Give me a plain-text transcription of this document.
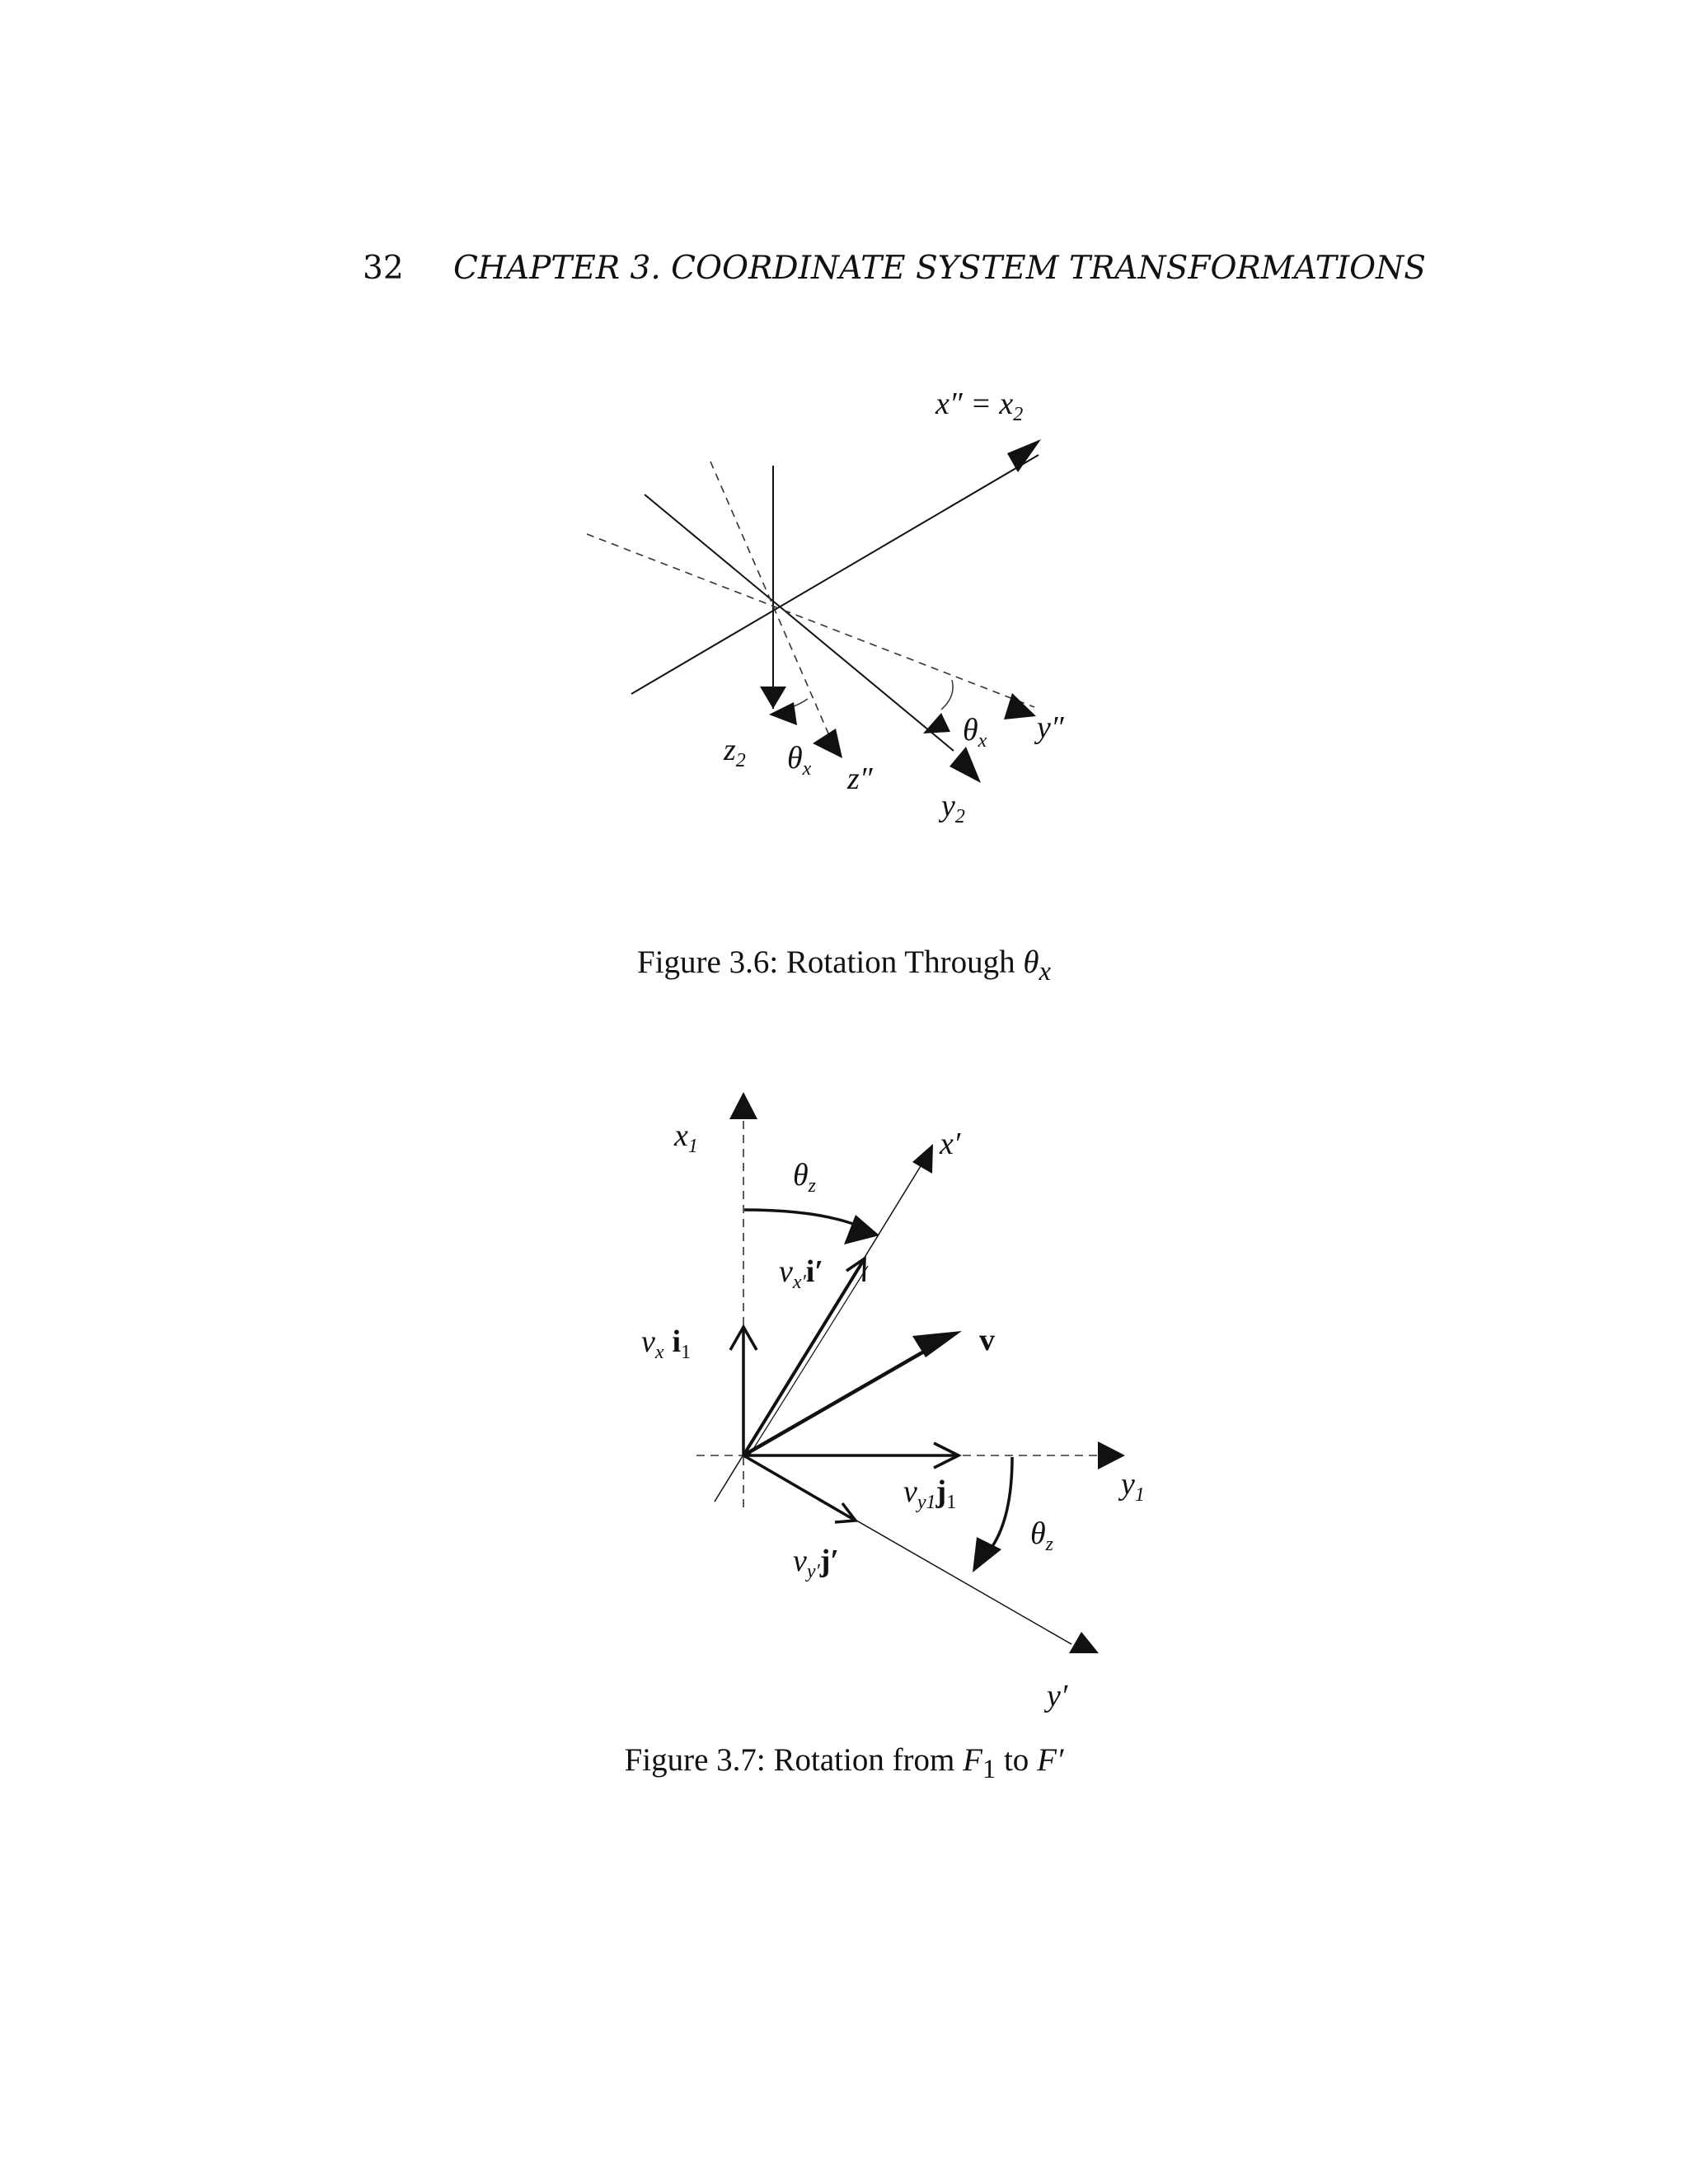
32 CHAPTER 3. COORDINATE SYSTEM TRANSFORMATIONS
$x'' = x_2$
$z_2$ $\theta_x$ z″
$\theta_x$ y″
$y_2$
Figure 3.6: Rotation Through $\theta_x$
$x_1$	x′
$\theta_z$
$v_{x'}i'$
$v_x$ $i_1$	v
$v_{y1}j_1$
$y_1$
$\theta_z$
$v_{y'}j'$
y′
Figure 3.7: Rotation from $F_1$ to F′
